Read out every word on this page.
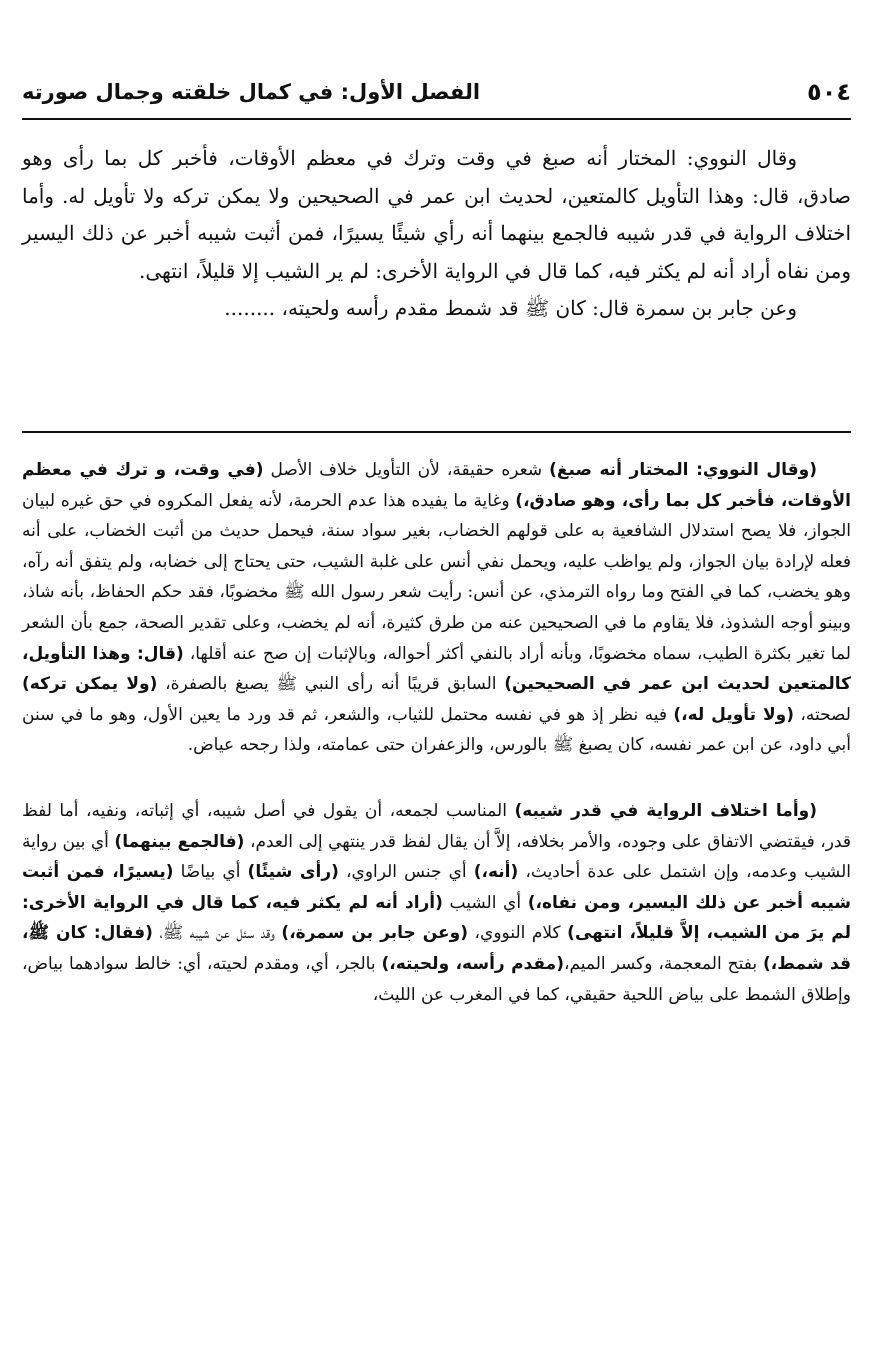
٥٠٤
الفصل الأول: في كمال خلقته وجمال صورته

وقال النووي: المختار أنه صبغ في وقت وترك في معظم الأوقات، فأخبر كل بما رأى وهو صادق، قال: وهذا التأويل كالمتعين، لحديث ابن عمر في الصحيحين ولا يمكن تركه ولا تأويل له. وأما اختلاف الرواية في قدر شيبه فالجمع بينهما أنه رأي شيئًا يسيرًا، فمن أثبت شيبه أخبر عن ذلك اليسير ومن نفاه أراد أنه لم يكثر فيه، كما قال في الرواية الأخرى: لم ير الشيب إلا قليلاً، انتهى.

وعن جابر بن سمرة قال: كان ﷺ قد شمط مقدم رأسه ولحيته، ........

(وقال النووي: المختار أنه صبغ) شعره حقيقة، لأن التأويل خلاف الأصل (في وقت، و ترك في معظم الأوقات، فأخبر كل بما رأى، وهو صادق،) وغاية ما يفيده هذا عدم الحرمة، لأنه يفعل المكروه في حق غيره لبيان الجواز، فلا يصح استدلال الشافعية به على قولهم الخضاب، بغير سواد سنة، فيحمل حديث من أثبت الخضاب، على أنه فعله لإرادة بيان الجواز، ولم يواظب عليه، ويحمل نفي أنس على غلبة الشيب، حتى يحتاج إلى خضابه، ولم يتفق أنه رآه، وهو يخضب، كما في الفتح وما رواه الترمذي، عن أنس: رأيت شعر رسول الله ﷺ مخضوبًا، فقد حكم الحفاظ، بأنه شاذ، وبينو أوجه الشذوذ، فلا يقاوم ما في الصحيحين عنه من طرق كثيرة، أنه لم يخضب، وعلى تقدير الصحة، جمع بأن الشعر لما تغير بكثرة الطيب، سماه مخضوبًا، وبأنه أراد بالنفي أكثر أحواله، وبالإثبات إن صح عنه أقلها، (قال: وهذا التأويل، كالمتعين لحديث ابن عمر في الصحيحين) السابق قريبًا أنه رأى النبي ﷺ يصبغ بالصفرة، (ولا يمكن تركه) لصحته، (ولا تأويل له،) فيه نظر إذ هو في نفسه محتمل للثياب، والشعر، ثم قد ورد ما يعين الأول، وهو ما في سنن أبي داود، عن ابن عمر نفسه، كان يصبغ ﷺ بالورس، والزعفران حتى عمامته، ولذا رجحه عياض.

(وأما اختلاف الرواية في قدر شيبه) المناسب لجمعه، أن يقول في أصل شيبه، أي إثباته، ونفيه، أما لفظ قدر، فيقتضي الاتفاق على وجوده، والأمر بخلافه، إلاَّ أن يقال لفظ قدر ينتهي إلى العدم، (فالجمع بينهما) أي بين رواية الشيب وعدمه، وإن اشتمل على عدة أحاديث، (أنه،) أي جنس الراوي، (رأى شيئًا) أي بياضًا (يسيرًا، فمن أثبت شيبه أخبر عن ذلك اليسير، ومن نفاه،) أي الشيب (أراد أنه لم يكثر فيه، كما قال في الرواية الأخرى: لم يرَ من الشيب، إلاَّ قليلاً، انتهى) كلام النووي، (وعن جابر بن سمرة،) وقد سئل عن شيبه ﷺ، (فقال: كان ﷺ، قد شمط،) بفتح المعجمة، وكسر الميم،(مقدم رأسه، ولحيته،) بالجر، أي، ومقدم لحيته، أي: خالط سوادهما بياض، وإطلاق الشمط على بياض اللحية حقيقي، كما في المغرب عن الليث،
